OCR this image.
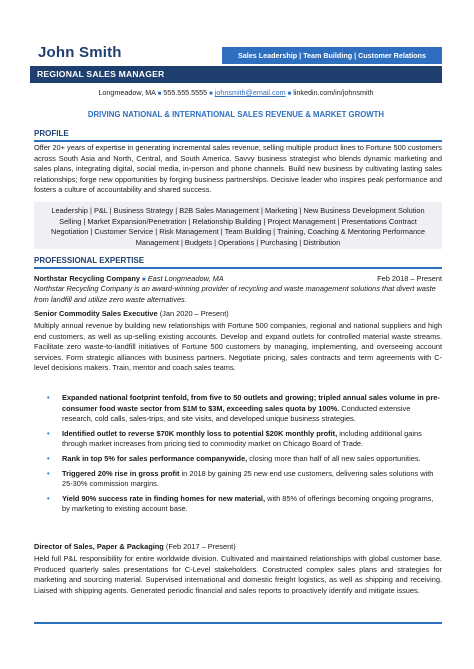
John Smith	Sales Leadership | Team Building | Customer Relations
REGIONAL SALES MANAGER
Longmeadow, MA ■ 555.555.5555 ■ johnsmith@email.com ■ linkedin.com/in/johnsmith
DRIVING NATIONAL & INTERNATIONAL SALES REVENUE & MARKET GROWTH
PROFILE
Offer 20+ years of expertise in generating incremental sales revenue, selling multiple product lines to Fortune 500 customers across South Asia and North, Central, and South America. Savvy business strategist who blends dynamic marketing and sales plans, integrating digital, social media, in-person and phone channels. Build new business by cultivating lasting sales relationships; forge new opportunities by forging business partnerships. Decisive leader who inspires peak performance and fosters a culture of accountability and shared success.
Leadership | P&L | Business Strategy | B2B Sales Management | Marketing | New Business Development Solution Selling | Market Expansion/Penetration | Relationship Building | Project Management | Presentations Contract Negotiation | Customer Service | Risk Management | Team Building | Training, Coaching & Mentoring Performance Management | Budgets | Operations | Purchasing | Distribution
PROFESSIONAL EXPERTISE
Northstar Recycling Company ■ East Longmeadow, MA	Feb 2018 – Present
Northstar Recycling Company is an award-winning provider of recycling and waste management solutions that divert waste from landfill and utilize zero waste alternatives.
Senior Commodity Sales Executive (Jan 2020 – Present)
Multiply annual revenue by building new relationships with Fortune 500 companies, regional and national suppliers and high end customers, as well as up-selling existing accounts. Develop and expand outlets for controlled material waste streams. Facilitate zero waste-to-landfill initiatives of Fortune 500 customers by managing, implementing, and overseeing account services. Form strategic alliances with business partners. Negotiate pricing, sales contracts and term agreements with C-level decisions makers. Train, mentor and coach sales teams.
• Expanded national footprint tenfold, from five to 50 outlets and growing; tripled annual sales volume in pre-consumer food waste sector from $1M to $3M, exceeding sales quota by 100%. Conducted extensive research, cold calls, sales-trips, and site visits, and developed unique business strategies.
• Identified outlet to reverse $70K monthly loss to potential $20K monthly profit, including additional gains through market increases from pricing tied to commodity market on Chicago Board of Trade.
• Rank in top 5% for sales performance companywide, closing more than half of all new sales opportunities.
• Triggered 20% rise in gross profit in 2018 by gaining 25 new end use customers, delivering sales solutions with 25-30% commission margins.
• Yield 90% success rate in finding homes for new material, with 85% of offerings becoming ongoing programs, by marketing to existing account base.
Director of Sales, Paper & Packaging (Feb 2017 – Present)
Held full P&L responsibility for entire worldwide division. Cultivated and maintained relationships with global customer base. Produced quarterly sales presentations for C-Level stakeholders. Constructed complex sales plans and strategies for marketing and sourcing material. Supervised international and domestic freight logistics, as well as shipping and receiving. Liaised with shipping agents. Generated periodic financial and sales reports to proactively identify and mitigate issues.
